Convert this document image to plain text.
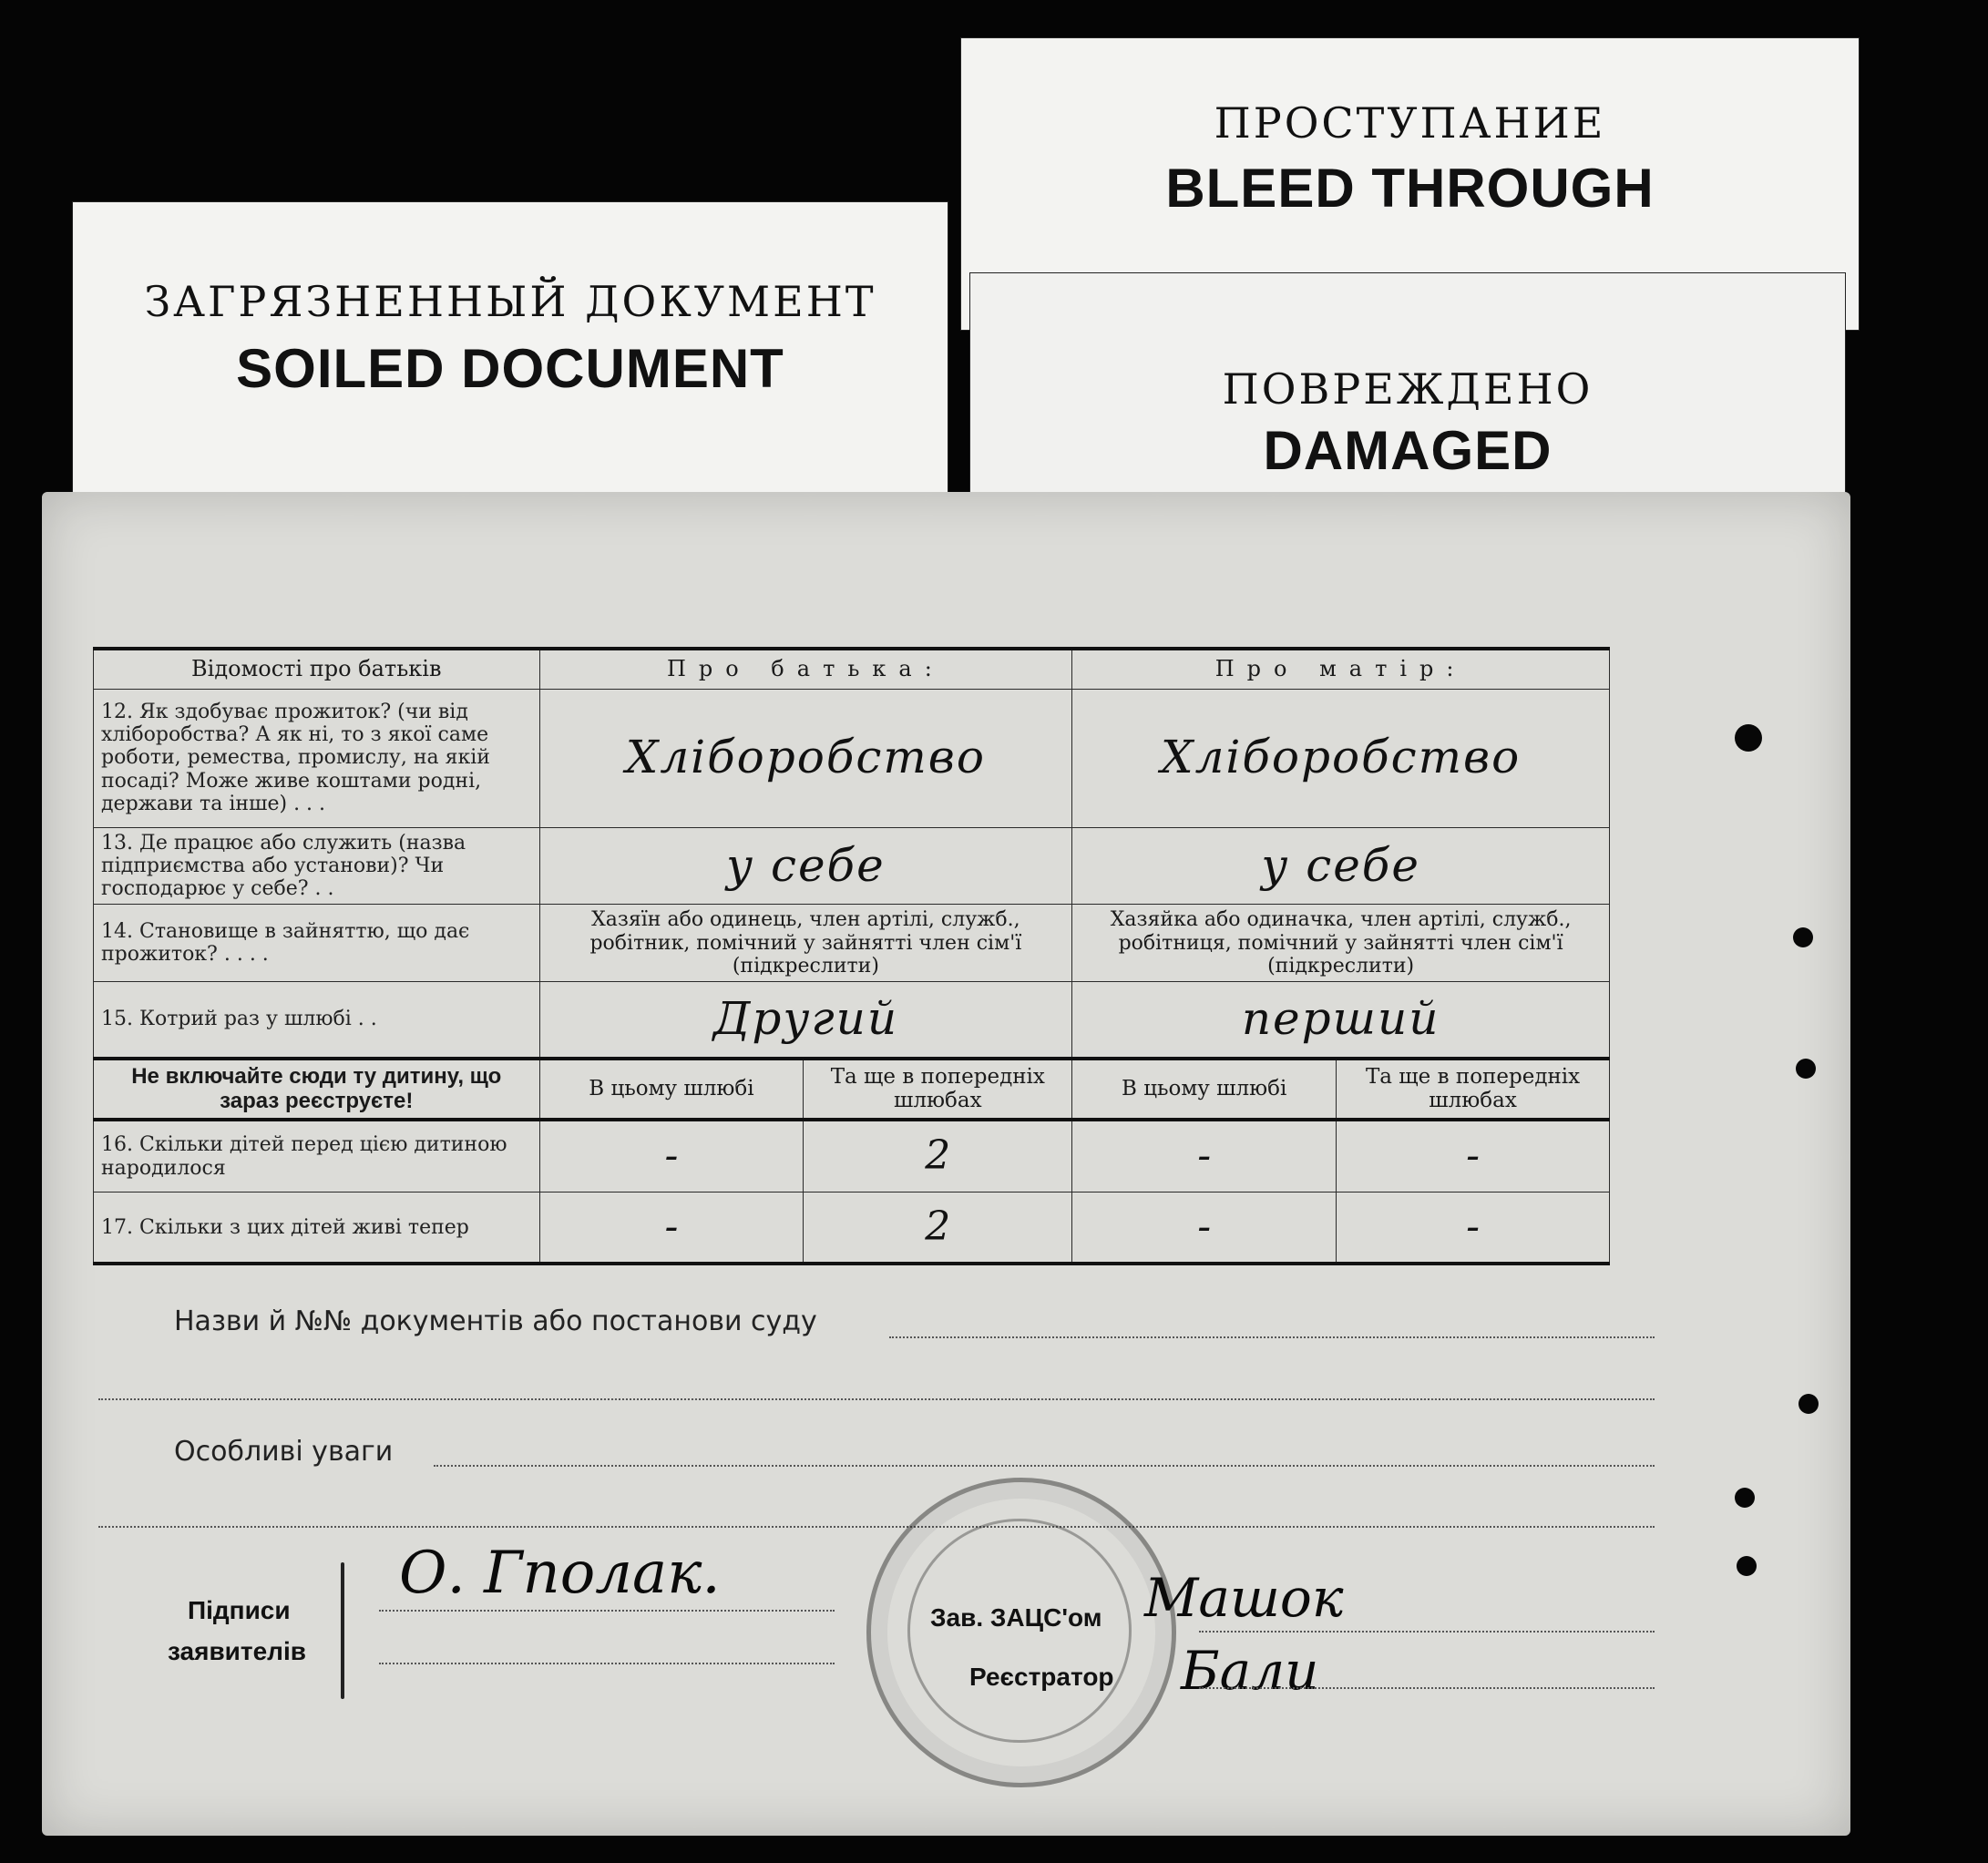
ЗАГРЯЗНЕННЫЙ ДОКУМЕНТ
SOILED DOCUMENT
ПРОСТУПАНИЕ
BLEED THROUGH
ПОВРЕЖДЕНО
DAMAGED
Відомості про батьків	Про батька:		Про матір:	
12. Як здобуває прожиток? (чи від хліборобства? А як ні, то з якої саме роботи, ремества, промислу, на якій посаді? Може живе коштами родні, держави та інше) . . .	Хліборобство		Хліборобство	
13. Де працює або служить (назва підприємства або установи)? Чи господарює у себе? . .	у себе		у себе	
14. Становище в зайняттю, що дає прожиток? . . . .	Хазяїн або одинець, член артілі, служб., робітник, помічний у зайнятті член сім'ї (підкреслити)		Хазяйка або одиначка, член артілі, служб., робітниця, помічний у зайнятті член сім'ї (підкреслити)	
15. Котрий раз у шлюбі . .	Другий		перший	
Не включайте сюди ту дитину, що зараз реєструєте!	В цьому шлюбі	Та ще в попередніх шлюбах	В цьому шлюбі	Та ще в попередніх шлюбах
16. Скільки дітей перед цією дитиною народилося	-	2	-	-
17. Скільки з цих дітей живі тепер	-	2	-	-
Назви й №№ документів або постанови суду
Особливі уваги
Підписи
заявителів
О. Гполак.
Зав. ЗАЦС'ом Машок
Реєстратор Бали
